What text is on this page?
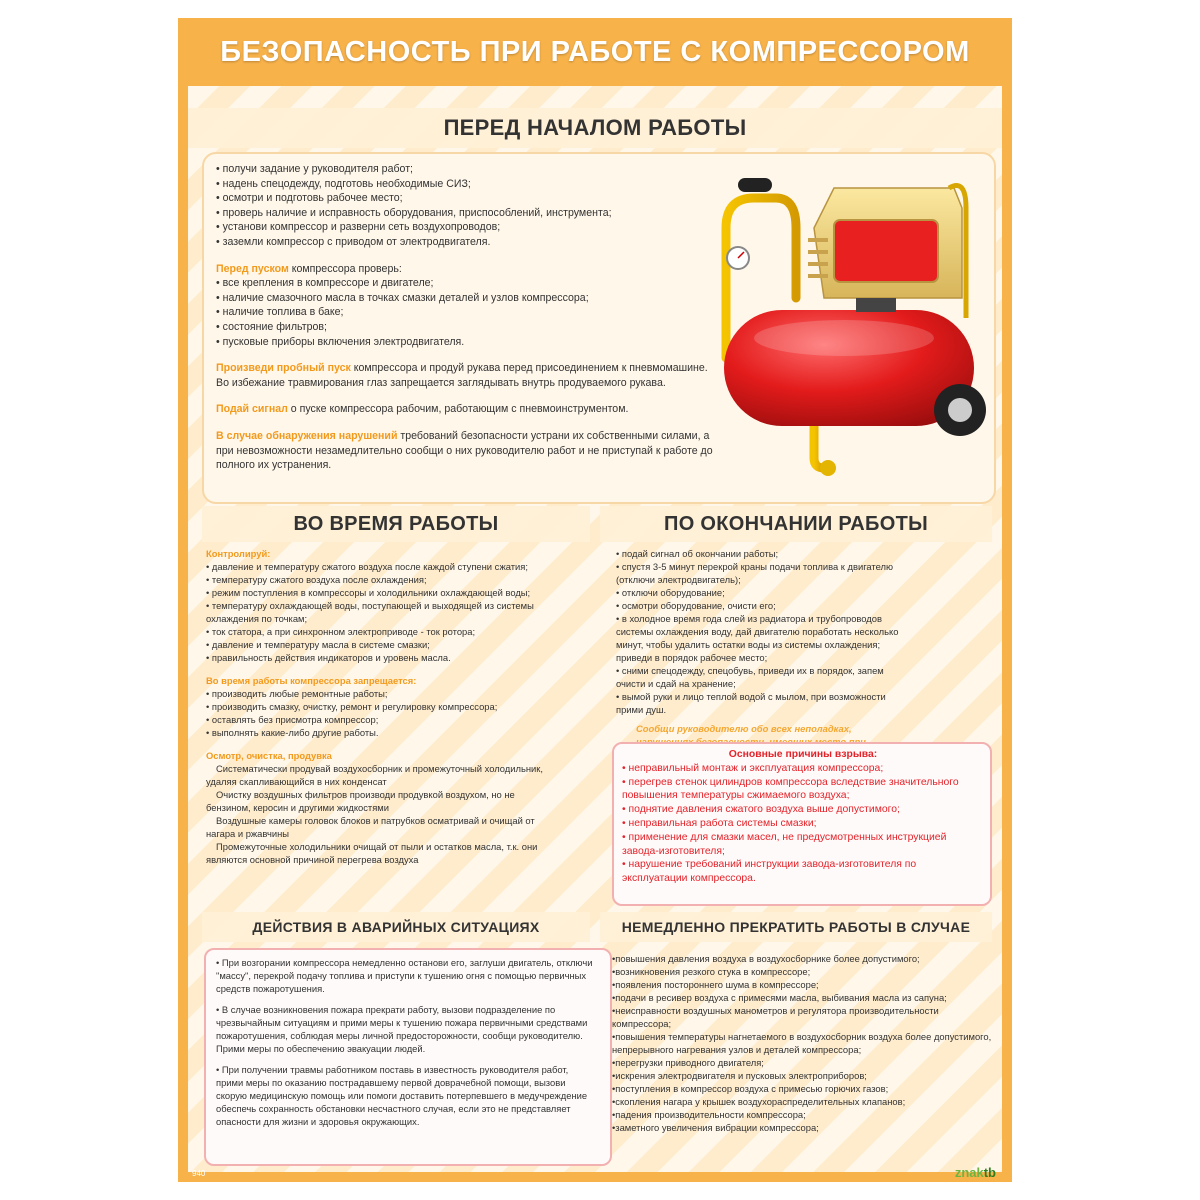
БЕЗОПАСНОСТЬ ПРИ РАБОТЕ С КОМПРЕССОРОМ
ПЕРЕД НАЧАЛОМ РАБОТЫ

• получи задание у руководителя работ;

• надень спецодежду, подготовь необходимые СИЗ;

• осмотри и подготовь рабочее место;

• проверь наличие и исправность оборудования, приспособлений, инструмента;

• установи компрессор и разверни сеть воздухопроводов;

• заземли компрессор с приводом от электродвигателя.

Перед пуском компрессора проверь:

• все крепления в компрессоре и двигателе;

• наличие смазочного масла в точках смазки деталей и узлов компрессора;

• наличие топлива в баке;

• состояние фильтров;

• пусковые приборы включения электродвигателя.

Произведи пробный пуск компрессора и продуй рукава перед присоединением к пневмомашине. Во избежание травмирования глаз запрещается заглядывать внутрь продуваемого рукава.

Подай сигнал о пуске компрессора рабочим, работающим с пневмоинструментом.

В случае обнаружения нарушений требований безопасности устрани их собственными силами, а при невозможности незамедлительно сообщи о них руководителю работ и не приступай к работе до полного их устранения.

ВО ВРЕМЯ РАБОТЫ

Контролируй:

• давление и температуру сжатого воздуха после каждой ступени сжатия;

• температуру сжатого воздуха после охлаждения;

• режим поступления в компрессоры и холодильники охлаждающей воды;

• температуру охлаждающей воды, поступающей и выходящей из системы охлаждения по точкам;

• ток статора, а при синхронном электроприводе - ток ротора;

• давление и температуру масла в системе смазки;

• правильность действия индикаторов и уровень масла.

Во время работы компрессора запрещается:

• производить любые ремонтные работы;

• производить смазку, очистку, ремонт и регулировку компрессора;

• оставлять без присмотра компрессор;

• выполнять какие-либо другие работы.

Осмотр, очистка, продувка

Систематически продувай воздухосборник и промежуточный холодильник, удаляя скапливающийся в них конденсат

Очистку воздушных фильтров производи продувкой воздухом, но не бензином, керосин и другими жидкостями

Воздушные камеры головок блоков и патрубков осматривай и очищай от нагара и ржавчины

Промежуточные холодильники очищай от пыли и остатков масла, т.к. они являются основной причиной перегрева воздуха

ПО ОКОНЧАНИИ РАБОТЫ

• подай сигнал об окончании работы;

• спустя 3-5 минут перекрой краны подачи топлива к двигателю (отключи электродвигатель);

• отключи оборудование;

• осмотри оборудование, очисти его;

• в холодное время года слей из радиатора и трубопроводов системы охлаждения воду, дай двигателю поработать несколько минут, чтобы удалить остатки воды из системы охлаждения; приведи в порядок рабочее место;

• сними спецодежду, спецобувь, приведи их в порядок, запем очисти и сдай на хранение;

• вымой руки и лицо теплой водой с мылом, при возможности прими душ.

Сообщи руководителю обо всех неполадках,

Основные причины взрыва:

• неправильный монтаж и эксплуатация компрессора;

• перегрев стенок цилиндров компрессора вследствие значительного повышения температуры сжимаемого воздуха;

• поднятие давления сжатого воздуха выше допустимого;

• неправильная работа системы смазки;

• применение для смазки масел, не предусмотренных инструкцией завода-изготовителя;

• нарушение требований инструкции завода-изготовителя по эксплуатации компрессора.

ДЕЙСТВИЯ В АВАРИЙНЫХ СИТУАЦИЯХ

• При возгорании компрессора немедленно останови его, заглуши двигатель, отключи "массу", перекрой подачу топлива и приступи к тушению огня с помощью первичных средств пожаротушения.

• В случае возникновения пожара прекрати работу, вызови подразделение по чрезвычайным ситуациям и прими меры к тушению пожара первичными средствами пожаротушения, соблюдая меры личной предосторожности, сообщи руководителю. Прими меры по обеспечению эвакуации людей.

• При получении травмы работником поставь в известность руководителя работ, прими меры по оказанию пострадавшему первой доврачебной помощи, вызови скорую медицинскую помощь или помоги доставить потерпевшего в медучреждение обеспечь сохранность обстановки несчастного случая, если это не представляет опасности для жизни и здоровья окружающих.

НЕМЕДЛЕННО ПРЕКРАТИТЬ РАБОТЫ В СЛУЧАЕ

•повышения давления воздуха в воздухосборнике более допустимого;

•возникновения резкого стука в компрессоре;

•появления постороннего шума в компрессоре;

•подачи в ресивер воздуха с примесями масла, выбивания масла из сапуна;

•неисправности воздушных манометров и регулятора производительности компрессора;

•повышения температуры нагнетаемого в воздухосборник воздуха более допустимого, непрерывного нагревания узлов и деталей компрессора;

•перегрузки приводного двигателя;

•искрения электродвигателя и пусковых электроприборов;

•поступления в компрессор воздуха с примесью горючих газов;

•скопления нагара у крышек воздухораспределительных клапанов;

•падения производительности компрессора;

•заметного увеличения вибрации компрессора;

940	znaktb
